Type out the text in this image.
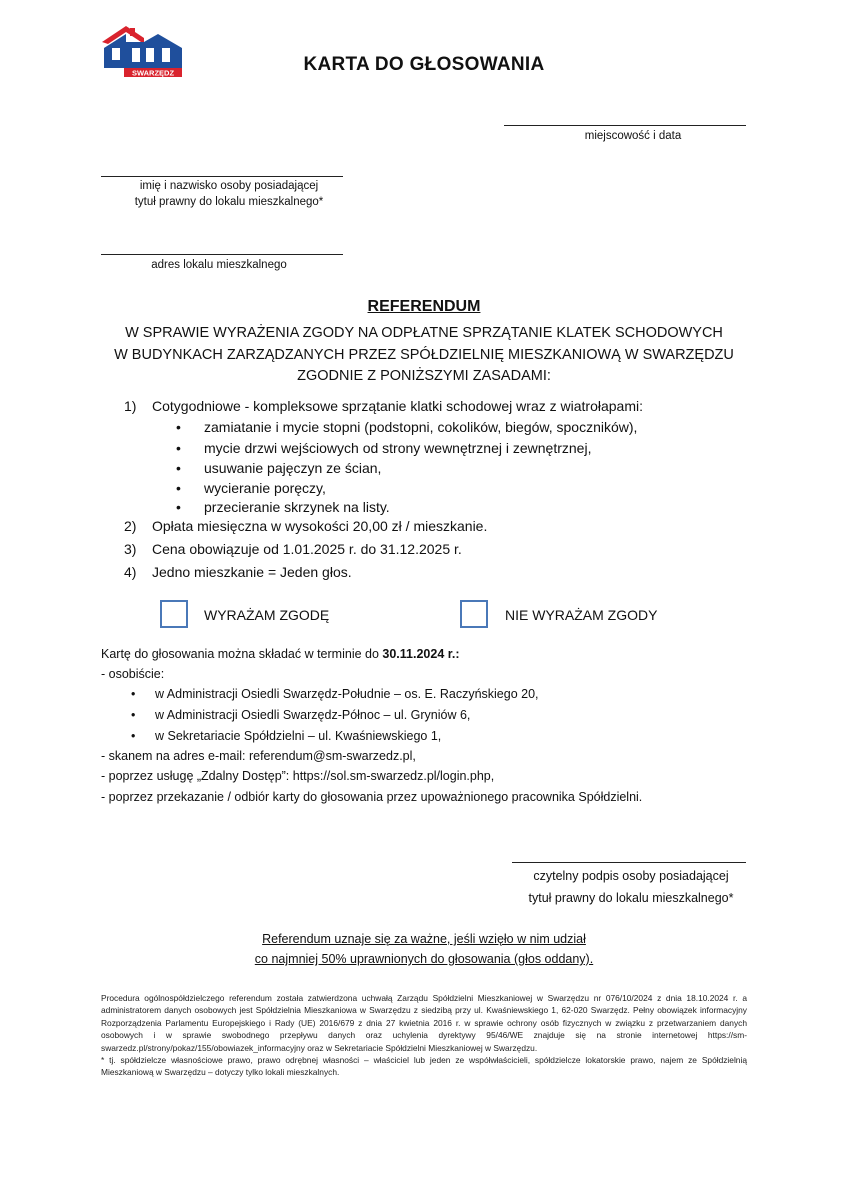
SWARZĘDZ	KARTA DO GŁOSOWANIA
miejscowość i data
imię i nazwisko osoby posiadającej
tytuł prawny do lokalu mieszkalnego*
adres lokalu mieszkalnego
REFERENDUM
W SPRAWIE WYRAŻENIA ZGODY NA ODPŁATNE SPRZĄTANIE KLATEK SCHODOWYCH
W BUDYNKACH ZARZĄDZANYCH PRZEZ SPÓŁDZIELNIĘ MIESZKANIOWĄ W SWARZĘDZU
ZGODNIE Z PONIŻSZYMI ZASADAMI:
1) Cotygodniowe - kompleksowe sprzątanie klatki schodowej wraz z wiatrołapami:
• zamiatanie i mycie stopni (podstopni, cokolików, biegów, spoczników),
• mycie drzwi wejściowych od strony wewnętrznej i zewnętrznej,
• usuwanie pajęczyn ze ścian,
• wycieranie poręczy,
• przecieranie skrzynek na listy.
2) Opłata miesięczna w wysokości 20,00 zł / mieszkanie.
3) Cena obowiązuje od 1.01.2025 r. do 31.12.2025 r.
4) Jedno mieszkanie = Jeden głos.
WYRAŻAM ZGODĘ	NIE WYRAŻAM ZGODY
Kartę do głosowania można składać w terminie do 30.11.2024 r.:
- osobiście:
• w Administracji Osiedli Swarzędz-Południe – os. E. Raczyńskiego 20,
• w Administracji Osiedli Swarzędz-Północ – ul. Gryniów 6,
• w Sekretariacie Spółdzielni – ul. Kwaśniewskiego 1,
- skanem na adres e-mail: referendum@sm-swarzedz.pl,
- poprzez usługę „Zdalny Dostęp”: https://sol.sm-swarzedz.pl/login.php,
- poprzez przekazanie / odbiór karty do głosowania przez upoważnionego pracownika Spółdzielni.
czytelny podpis osoby posiadającej
tytuł prawny do lokalu mieszkalnego*
Referendum uznaje się za ważne, jeśli wzięło w nim udział
co najmniej 50% uprawnionych do głosowania (głos oddany).
Procedura ogólnospółdzielczego referendum została zatwierdzona uchwałą Zarządu Spółdzielni Mieszkaniowej w Swarzędzu nr 076/10/2024 z dnia 18.10.2024 r. a administratorem danych osobowych jest Spółdzielnia Mieszkaniowa w Swarzędzu z siedzibą przy ul. Kwaśniewskiego 1, 62-020 Swarzędz. Pełny obowiązek informacyjny Rozporządzenia Parlamentu Europejskiego i Rady (UE) 2016/679 z dnia 27 kwietnia 2016 r. w sprawie ochrony osób fizycznych w związku z przetwarzaniem danych osobowych i w sprawie swobodnego przepływu danych oraz uchylenia dyrektywy 95/46/WE znajduje się na stronie internetowej https://sm-swarzedz.pl/strony/pokaz/155/obowiazek_informacyjny oraz w Sekretariacie Spółdzielni Mieszkaniowej w Swarzędzu.
* tj. spółdzielcze własnościowe prawo, prawo odrębnej własności – właściciel lub jeden ze współwłaścicieli, spółdzielcze lokatorskie prawo, najem ze Spółdzielnią Mieszkaniową w Swarzędzu – dotyczy tylko lokali mieszkalnych.
